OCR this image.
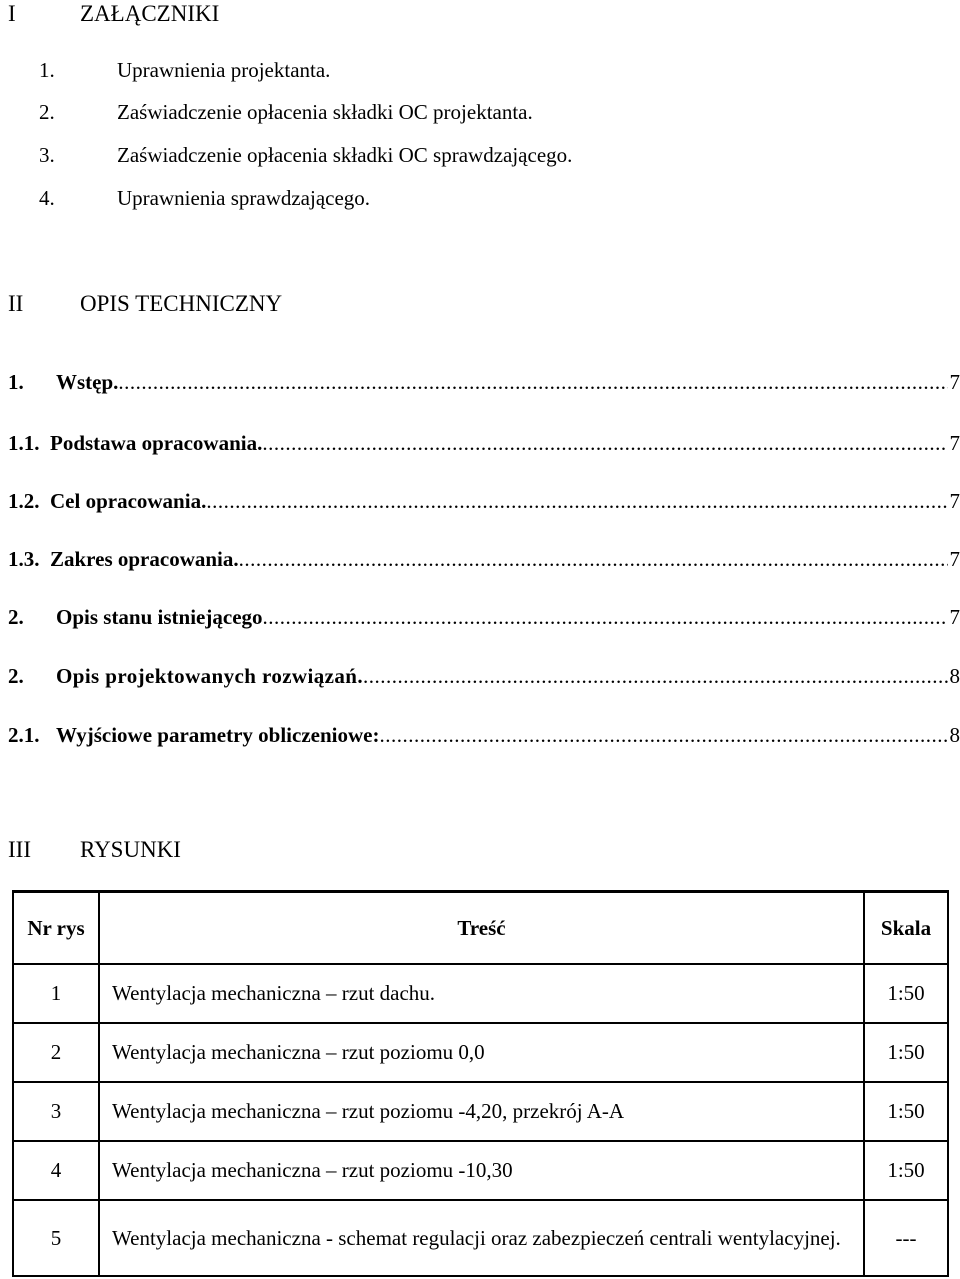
I	ZAŁĄCZNIKI
1.	Uprawnienia projektanta.
2.	Zaświadczenie opłacenia składki OC projektanta.
3.	Zaświadczenie opłacenia składki OC sprawdzającego.
4.	Uprawnienia sprawdzającego.
II OPIS TECHNICZNY
1.	Wstęp. .....	7
1.1. Podstawa opracowania. .....	7
1.2. Cel opracowania. .....	7
1.3. Zakres opracowania. .....	7
2.	Opis stanu istniejącego .....	7
2.	Opis projektowanych rozwiązań. .....	8
2.1. Wyjściowe parametry obliczeniowe: .....	8
III RYSUNKI
Nr rys	Treść	Skala
1	Wentylacja mechaniczna – rzut dachu.	1:50
2	Wentylacja mechaniczna – rzut poziomu 0,0	1:50
3	Wentylacja mechaniczna – rzut poziomu -4,20, przekrój A-A	1:50
4	Wentylacja mechaniczna – rzut poziomu -10,30	1:50
5	Wentylacja mechaniczna - schemat regulacji oraz zabezpieczeń centrali wentylacyjnej.	---
